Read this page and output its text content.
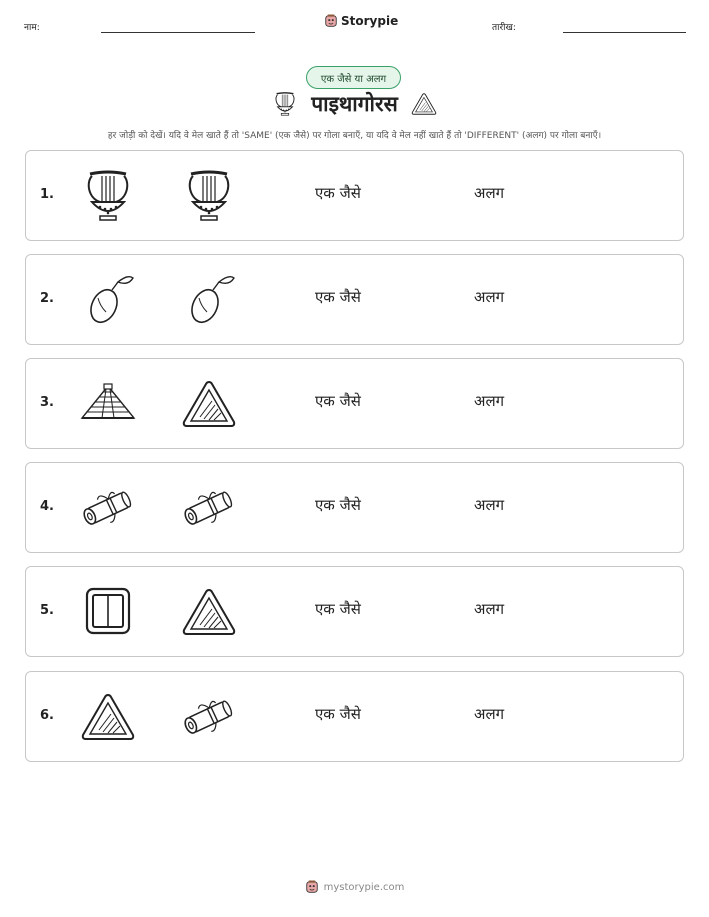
नाम:	Storypie	तारीख:
एक जैसे या अलग
पाइथागोरस
हर जोड़ी को देखें। यदि वे मेल खाते हैं तो 'SAME' (एक जैसे) पर गोला बनाएँ, या यदि वे मेल नहीं खाते हैं तो 'DIFFERENT' (अलग) पर गोला बनाएँ।
1.	एक जैसे	अलग
2.	एक जैसे	अलग
3.	एक जैसे	अलग
4.	एक जैसे	अलग
5.	एक जैसे	अलग
6.	एक जैसे	अलग
mystorypie.com
